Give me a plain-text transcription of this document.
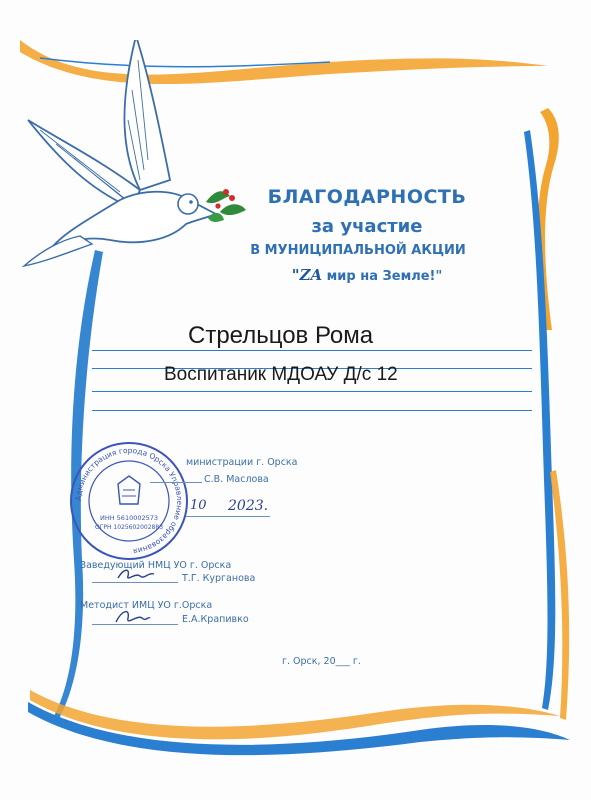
БЛАГОДАРНОСТЬ
за участие
В МУНИЦИПАЛЬНОЙ АКЦИИ
"ZA мир на Земле!"
Стрельцов Рома
Воспитаник МДОАУ Д/с 12
Администрация города Орска Управление образования
ИНН 5610002573
ОГРН 1025602002883
министрации г. Орска
С.В. Маслова
10 2023.
Заведующий НМЦ УО г. Орска
Т.Г. Курганова
Методист ИМЦ УО г.Орска
Е.А.Крапивко
г. Орск, 20___ г.
